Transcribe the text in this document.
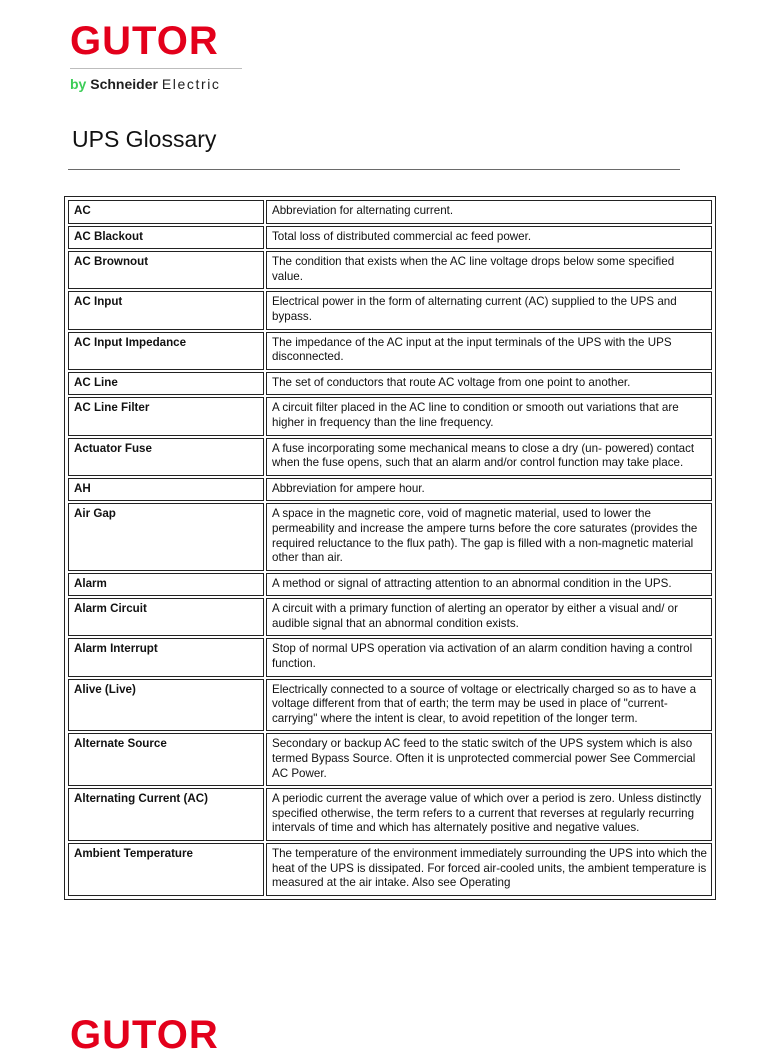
GUTOR
by Schneider Electric
UPS Glossary
AC	Abbreviation for alternating current.
AC Blackout	Total loss of distributed commercial ac feed power.
AC Brownout	The condition that exists when the AC line voltage drops below some specified value.
AC Input	Electrical power in the form of alternating current (AC) supplied to the UPS and bypass.
AC Input Impedance	The impedance of the AC input at the input terminals of the UPS with the UPS disconnected.
AC Line	The set of conductors that route AC voltage from one point to another.
AC Line Filter	A circuit filter placed in the AC line to condition or smooth out variations that are higher in frequency than the line frequency.
Actuator Fuse	A fuse incorporating some mechanical means to close a dry (un- powered) contact when the fuse opens, such that an alarm and/or control function may take place.
AH	Abbreviation for ampere hour.
Air Gap	A space in the magnetic core, void of magnetic material, used to lower the permeability and increase the ampere turns before the core saturates (provides the required reluctance to the flux path). The gap is filled with a non-magnetic material other than air.
Alarm	A method or signal of attracting attention to an abnormal condition in the UPS.
Alarm Circuit	A circuit with a primary function of alerting an operator by either a visual and/ or audible signal that an abnormal condition exists.
Alarm Interrupt	Stop of normal UPS operation via activation of an alarm condition having a control function.
Alive (Live)	Electrically connected to a source of voltage or electrically charged so as to have a voltage different from that of earth; the term may be used in place of "current-carrying" where the intent is clear, to avoid repetition of the longer term.
Alternate Source	Secondary or backup AC feed to the static switch of the UPS system which is also termed Bypass Source. Often it is unprotected commercial power See Commercial AC Power.
Alternating Current (AC)	A periodic current the average value of which over a period is zero. Unless distinctly specified otherwise, the term refers to a current that reverses at regularly recurring intervals of time and which has alternately positive and negative values.
Ambient Temperature	The temperature of the environment immediately surrounding the UPS into which the heat of the UPS is dissipated. For forced air-cooled units, the ambient temperature is measured at the air intake. Also see Operating
GUTOR
